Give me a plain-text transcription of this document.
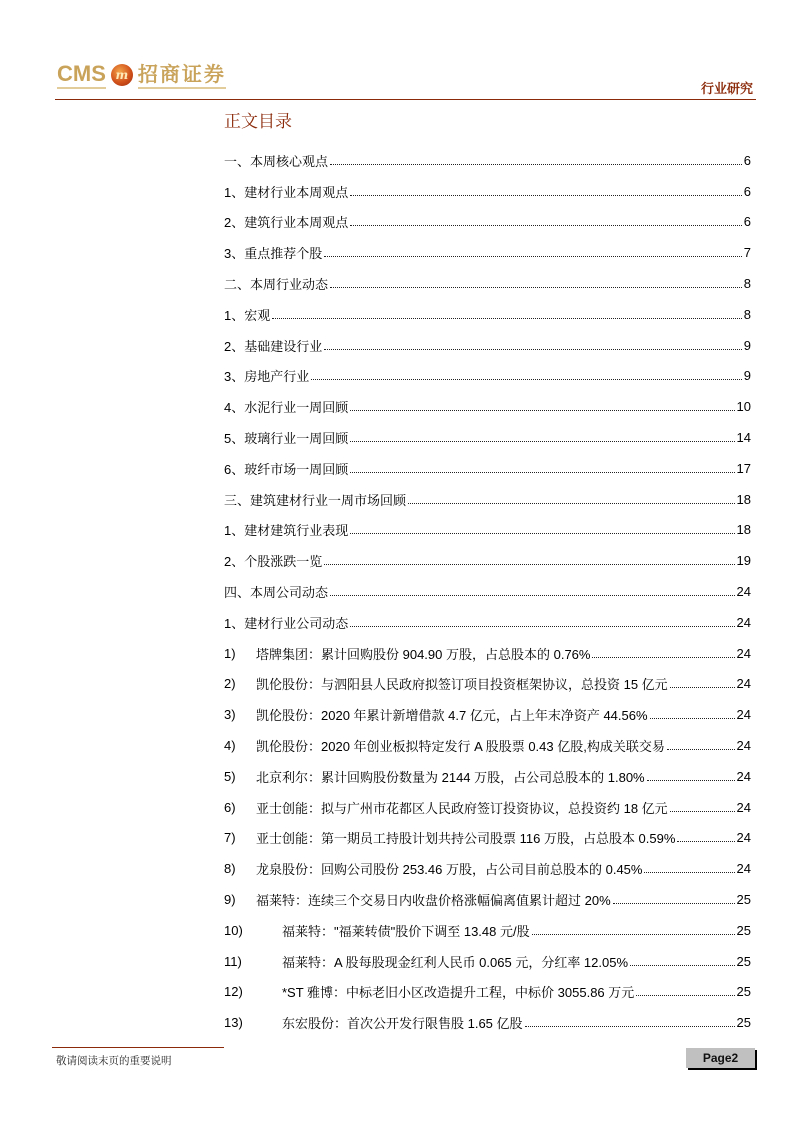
CMS m 招商证券
行业研究
正文目录
一、 本周核心观点	6
1、 建材行业本周观点	6
2、 建筑行业本周观点	6
3、 重点推荐个股	7
二、 本周行业动态	8
1、 宏观	8
2、 基础建设行业	9
3、 房地产行业	9
4、 水泥行业一周回顾	10
5、 玻璃行业一周回顾	14
6、 玻纤市场一周回顾	17
三、 建筑建材行业一周市场回顾	18
1、 建材建筑行业表现	18
2、 个股涨跌一览	19
四、 本周公司动态	24
1、 建材行业公司动态	24
1)	塔牌集团：累计回购股份 904.90 万股，占总股本的 0.76%	24
2)	凯伦股份：与泗阳县人民政府拟签订项目投资框架协议，总投资 15 亿元	24
3)	凯伦股份：2020 年累计新增借款 4.7 亿元，占上年末净资产 44.56%	24
4)	凯伦股份：2020 年创业板拟特定发行 A 股股票 0.43 亿股,构成关联交易	24
5)	北京利尔：累计回购股份数量为 2144 万股，占公司总股本的 1.80%	24
6)	亚士创能：拟与广州市花都区人民政府签订投资协议，总投资约 18 亿元	24
7)	亚士创能：第一期员工持股计划共持公司股票 116 万股，占总股本 0.59%	24
8)	龙泉股份：回购公司股份 253.46 万股，占公司目前总股本的 0.45%	24
9)	福莱特：连续三个交易日内收盘价格涨幅偏离值累计超过 20%	25
10)	福莱特："福莱转债"股价下调至 13.48 元/股	25
11)	福莱特：A 股每股现金红利人民币 0.065 元，分红率 12.05%	25
12)	*ST 雅博：中标老旧小区改造提升工程，中标价 3055.86 万元	25
13)	东宏股份：首次公开发行限售股 1.65 亿股	25
敬请阅读末页的重要说明	Page2
